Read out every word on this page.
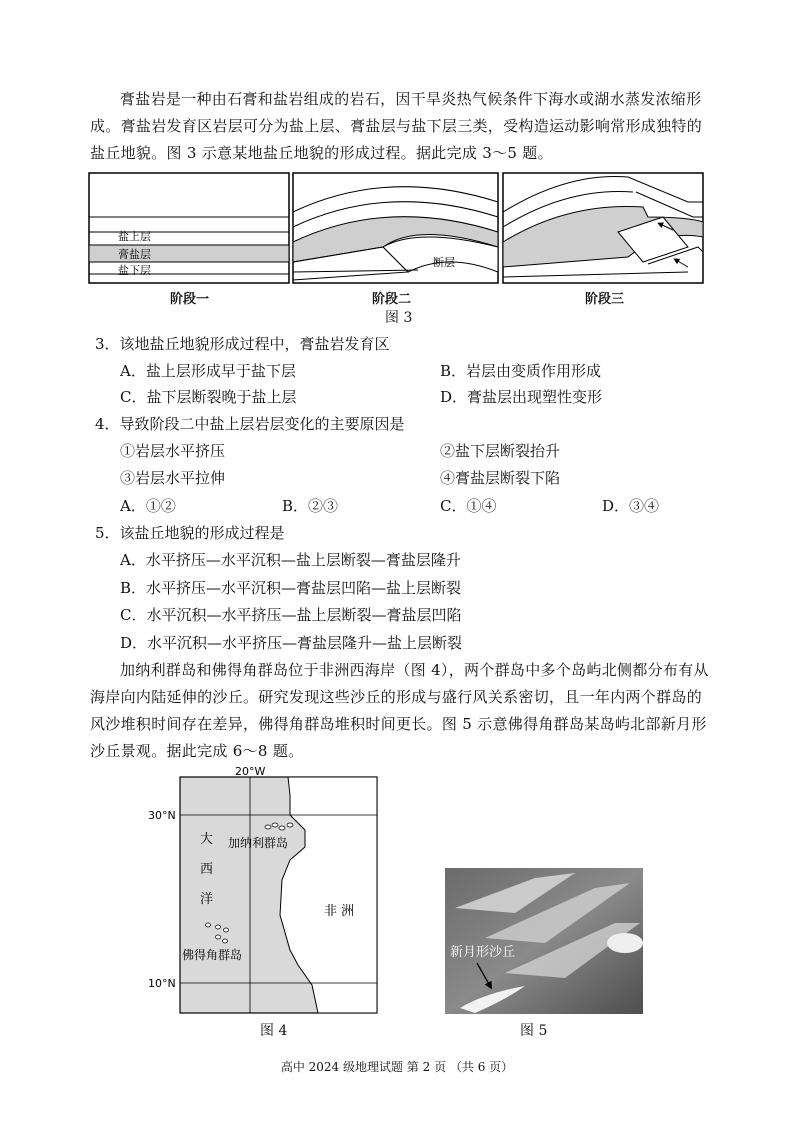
膏盐岩是一种由石膏和盐岩组成的岩石，因干旱炎热气候条件下海水或湖水蒸发浓缩形成。膏盐岩发育区岩层可分为盐上层、膏盐层与盐下层三类，受构造运动影响常形成独特的盐丘地貌。图 3 示意某地盐丘地貌的形成过程。据此完成 3～5 题。

盐上层
膏盐层
盐下层
断层
阶段一	阶段二	阶段三
图 3
3．该地盐丘地貌形成过程中，膏盐岩发育区
A．盐上层形成早于盐下层	B．岩层由变质作用形成
C．盐下层断裂晚于盐上层	D．膏盐层出现塑性变形
4．导致阶段二中盐上层岩层变化的主要原因是
①岩层水平挤压	②盐下层断裂抬升
③岩层水平拉伸	④膏盐层断裂下陷
A．①②	B．②③	C．①④	D．③④
5．该盐丘地貌的形成过程是
A．水平挤压—水平沉积—盐上层断裂—膏盐层隆升
B．水平挤压—水平沉积—膏盐层凹陷—盐上层断裂
C．水平沉积—水平挤压—盐上层断裂—膏盐层凹陷
D．水平沉积—水平挤压—膏盐层隆升—盐上层断裂

加纳利群岛和佛得角群岛位于非洲西海岸（图 4），两个群岛中多个岛屿北侧都分布有从海岸向内陆延伸的沙丘。研究发现这些沙丘的形成与盛行风关系密切，且一年内两个群岛的风沙堆积时间存在差异，佛得角群岛堆积时间更长。图 5 示意佛得角群岛某岛屿北部新月形沙丘景观。据此完成 6～8 题。

20°W
30°N
10°N
大
西
洋
加纳利群岛
非 洲
佛得角群岛
图 4
新月形沙丘
图 5
高中 2024 级地理试题 第 2 页 （共 6 页）
